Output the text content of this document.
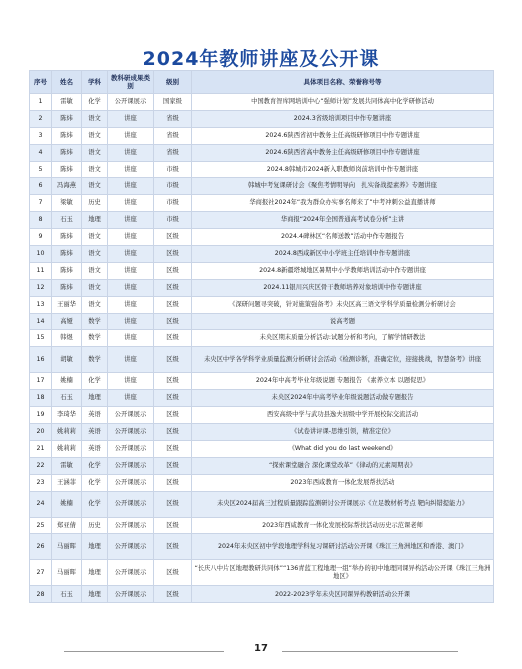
2024年教师讲座及公开课
序号	姓名	学科	教科研成果类别	级别	具体项目名称、荣誉称号等
1	雷敏	化学	公开课展示	国家级	中国教育智库网培训中心“强师计划”发展共同体高中化学研修活动
2	陈炜	语文	讲座	省级	2024.3省级培训项目中作专题讲座
3	陈炜	语文	讲座	省级	2024.6陕西省初中教务主任高级研修项目中作专题讲座
4	陈炜	语文	讲座	省级	2024.6陕西省高中教务主任高级研修项目中作专题讲座
5	陈炜	语文	讲座	市级	2024.8韩城市2024新入职教师岗前培训中作专题讲座
6	冯海燕	语文	讲座	市级	韩城中考复课研讨会《聚焦考情明导向　扎实备战提素养》专题讲座
7	梁敏	历史	讲座	市级	华商报社2024年“我为群众办实事名师来了”中考冲刺公益直播讲师
8	石玉	地理	讲座	市级	华商报“2024年全国普通高考试卷分析”主讲
9	陈炜	语文	讲座	区级	2024.4碑林区“名师送教”活动中作专题报告
10	陈炜	语文	讲座	区级	2024.8西咸新区中小学班主任培训中作专题讲座
11	陈炜	语文	讲座	区级	2024.8新疆塔城地区暑期中小学教师培训活动中作专题讲座
12	陈炜	语文	讲座	区级	2024.11银川兴庆区骨干教师培养对象培训中作专题讲座
13	王丽华	语文	讲座	区级	《深研问题寻突破，针对施策强备考》未央区高三语文学科学质量检测分析研讨会
14	高娅	数学	讲座	区级	说高考题
15	韩煜	数学	讲座	区级	未央区期末质量分析活动:试题分析和考向，了解学情研教法
16	胡敏	数学	讲座	区级	未央区中学各学科学业质量监测分析研讨会活动《检测诊断，准确定位，迎接挑战，智慧备考》讲座
17	姚楠	化学	讲座	区级	2024年中高考毕业年级说题 专题报告 《素养立本 以题促思》
18	石玉	地理	讲座	区级	未央区2024年中高考毕业年级说题活动做专题报告
19	李琦华	英语	公开课展示	区级	西安高级中学与武功县逸夫初级中学开展校际交流活动
20	姚莉莉	英语	公开课展示	区级	《试卷讲评课-思维引领，精准定位》
21	姚莉莉	英语	公开课展示	区级	《What did you do last weekend》
22	雷敏	化学	公开课展示	区级	“探索课堂融合 深化课堂改革”《律动的元素周期表》
23	王涵菲	化学	公开课展示	区级	2023年西咸教育一体化发展帮扶活动
24	姚楠	化学	公开课展示	区级	未央区2024届高三过程质量跟踪监测研讨公开课展示《立足教材析考点 靶向纠错提能力》
25	郑亚倩	历史	公开课展示	区级	2023年西咸教育一体化发展校际帮扶活动历史示范课老师
26	马丽晖	地理	公开课展示	区级	2024年未央区初中学段地理学科复习课研讨活动公开课《珠江三角洲地区和香港、澳门》
27	马丽晖	地理	公开课展示	区级	“长庆八中片区地理教研共同体”“136青蓝工程地理一组”举办的初中地理同课异构活动公开课《珠江三角洲地区》
28	石玉	地理	公开课展示	区级	2022-2023学年未央区同课异构教研活动公开课
17
